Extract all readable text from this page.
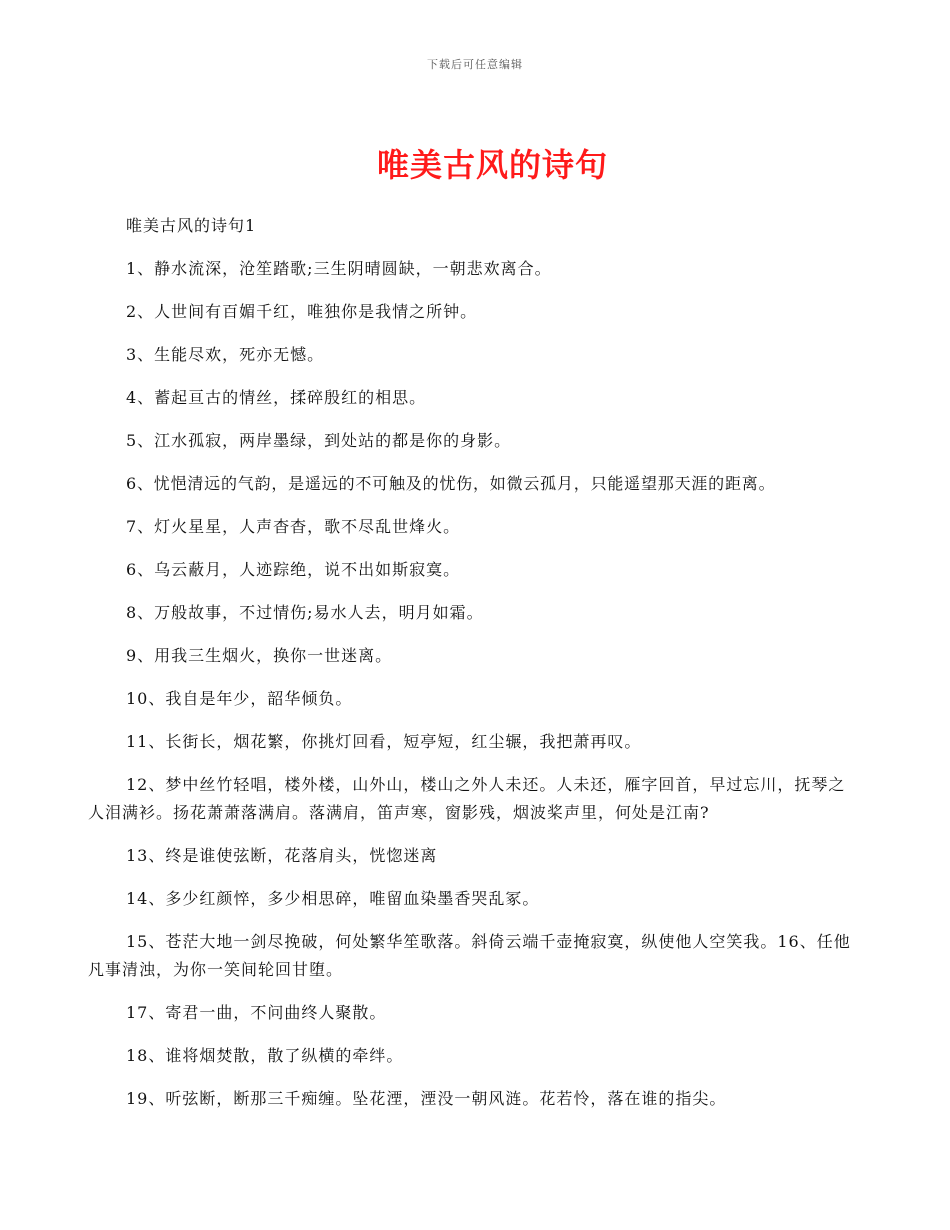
下载后可任意编辑
唯美古风的诗句

唯美古风的诗句1

1、静水流深，沧笙踏歌;三生阴晴圆缺，一朝悲欢离合。

2、人世间有百媚千红，唯独你是我情之所钟。

3、生能尽欢，死亦无憾。

4、蓄起亘古的情丝，揉碎殷红的相思。

5、江水孤寂，两岸墨绿，到处站的都是你的身影。

6、忧悒清远的气韵，是遥远的不可触及的忧伤，如微云孤月，只能遥望那天涯的距离。

7、灯火星星，人声杳杳，歌不尽乱世烽火。

6、乌云蔽月，人迹踪绝，说不出如斯寂寞。

8、万般故事，不过情伤;易水人去，明月如霜。

9、用我三生烟火，换你一世迷离。

10、我自是年少，韶华倾负。

11、长街长，烟花繁，你挑灯回看，短亭短，红尘辗，我把萧再叹。

12、梦中丝竹轻唱，楼外楼，山外山，楼山之外人未还。人未还，雁字回首，早过忘川，抚琴之人泪满衫。扬花萧萧落满肩。落满肩，笛声寒，窗影残，烟波桨声里，何处是江南?

13、终是谁使弦断，花落肩头，恍惚迷离

14、多少红颜悴，多少相思碎，唯留血染墨香哭乱冢。

15、苍茫大地一剑尽挽破，何处繁华笙歌落。斜倚云端千壶掩寂寞，纵使他人空笑我。16、任他凡事清浊，为你一笑间轮回甘堕。

17、寄君一曲，不问曲终人聚散。

18、谁将烟焚散，散了纵横的牵绊。

19、听弦断，断那三千痴缠。坠花湮，湮没一朝风涟。花若怜，落在谁的指尖。
